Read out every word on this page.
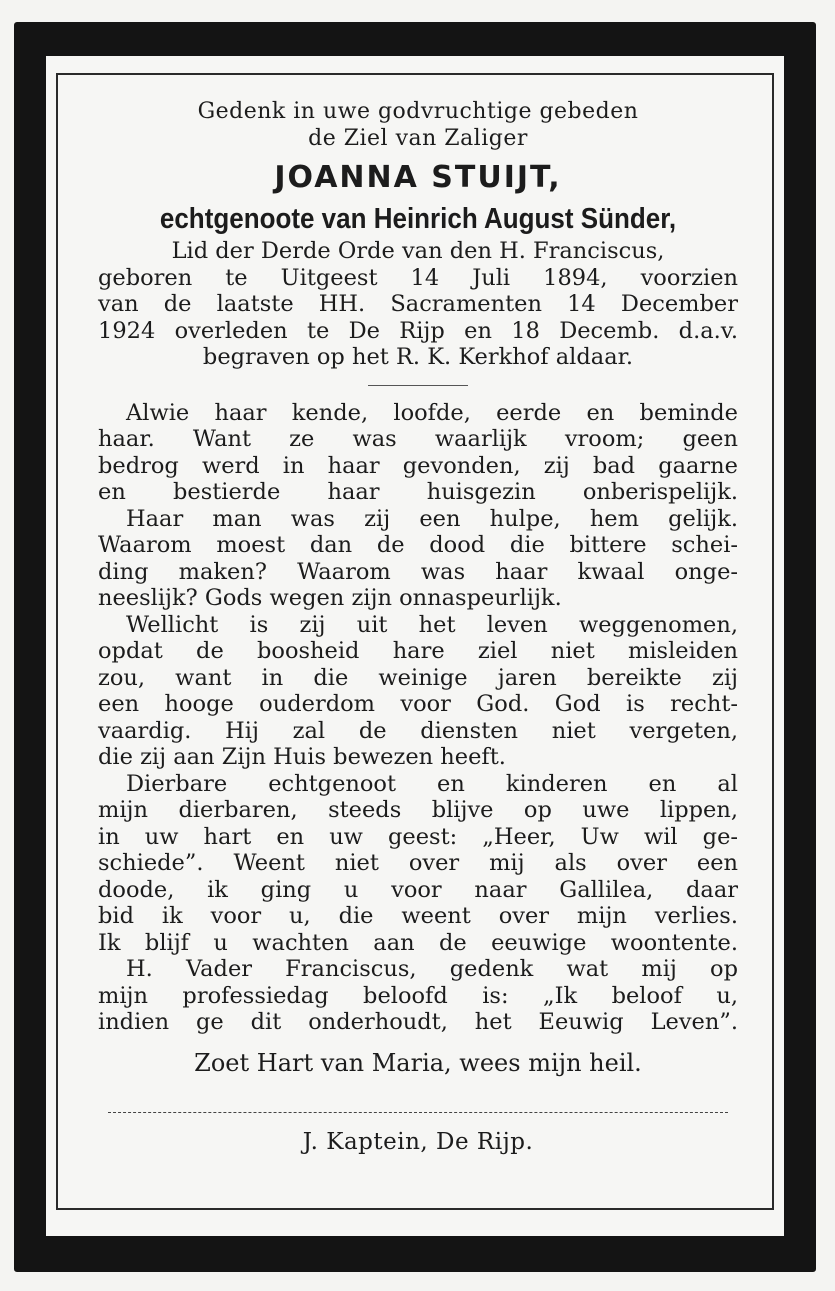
Gedenk in uwe godvruchtige gebeden

de Ziel van Zaliger

JOANNA STUIJT,

echtgenoote van Heinrich August Sünder,

Lid der Derde Orde van den H. Franciscus,

geboren te Uitgeest 14 Juli 1894, voorzien

van de laatste HH. Sacramenten 14 December

1924 overleden te De Rijp en 18 Decemb. d.a.v.

begraven op het R. K. Kerkhof aldaar.

Alwie haar kende, loofde, eerde en beminde

haar. Want ze was waarlijk vroom; geen

bedrog werd in haar gevonden, zij bad gaarne

en bestierde haar huisgezin onberispelijk.

Haar man was zij een hulpe, hem gelijk.

Waarom moest dan de dood die bittere schei-

ding maken? Waarom was haar kwaal onge-

neeslijk? Gods wegen zijn onnaspeurlijk.

Wellicht is zij uit het leven weggenomen,

opdat de boosheid hare ziel niet misleiden

zou, want in die weinige jaren bereikte zij

een hooge ouderdom voor God. God is recht-

vaardig. Hij zal de diensten niet vergeten,

die zij aan Zijn Huis bewezen heeft.

Dierbare echtgenoot en kinderen en al

mijn dierbaren, steeds blijve op uwe lippen,

in uw hart en uw geest: „Heer, Uw wil ge-

schiede”. Weent niet over mij als over een

doode, ik ging u voor naar Gallilea, daar

bid ik voor u, die weent over mijn verlies.

Ik blijf u wachten aan de eeuwige woontente.

H. Vader Franciscus, gedenk wat mij op

mijn professiedag beloofd is: „Ik beloof u,

indien ge dit onderhoudt, het Eeuwig Leven”.

Zoet Hart van Maria, wees mijn heil.

J. Kaptein, De Rijp.
